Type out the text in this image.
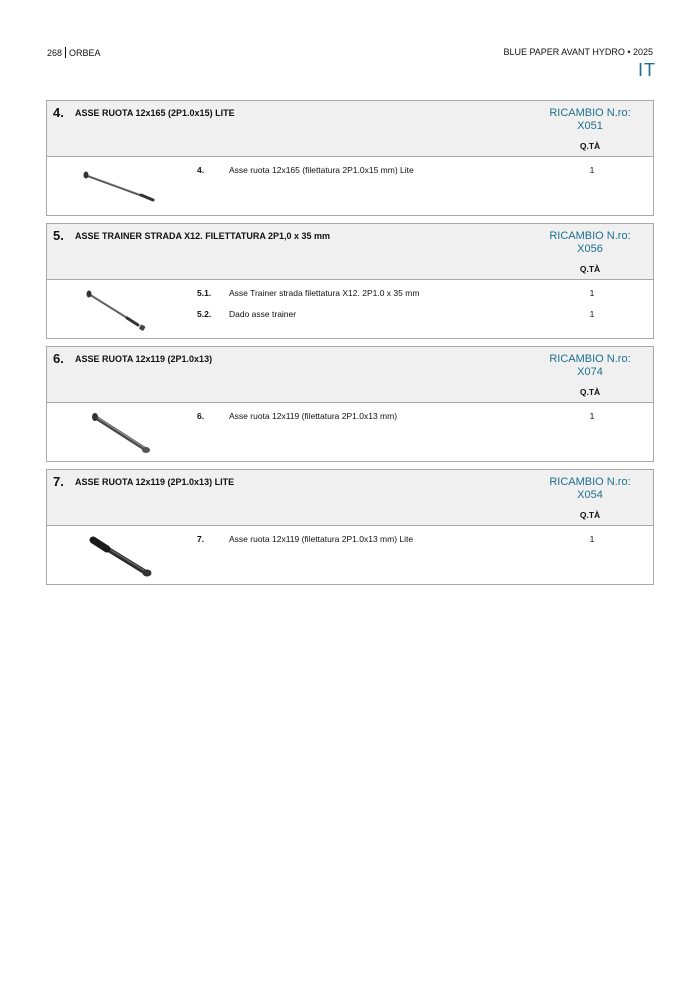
268 ORBEA	BLUE PAPER AVANT HYDRO • 2025
IT
4. ASSE RUOTA 12x165 (2P1.0x15) LITE	RICAMBIO N.ro:
X051
Q.TÀ
4.	Asse ruota 12x165 (filettatura 2P1.0x15 mm) Lite	1
5. ASSE TRAINER STRADA X12. FILETTATURA 2P1,0 x 35 mm	RICAMBIO N.ro:
X056
Q.TÀ
5.1. Asse Trainer strada filettatura X12. 2P1.0 x 35 mm	1
5.2. Dado asse trainer	1
6. ASSE RUOTA 12x119 (2P1.0x13)	RICAMBIO N.ro:
X074
Q.TÀ
6.	Asse ruota 12x119 (filettatura 2P1.0x13 mm)	1
7. ASSE RUOTA 12x119 (2P1.0x13) LITE	RICAMBIO N.ro:
X054
Q.TÀ
7.	Asse ruota 12x119 (filettatura 2P1.0x13 mm) Lite	1
